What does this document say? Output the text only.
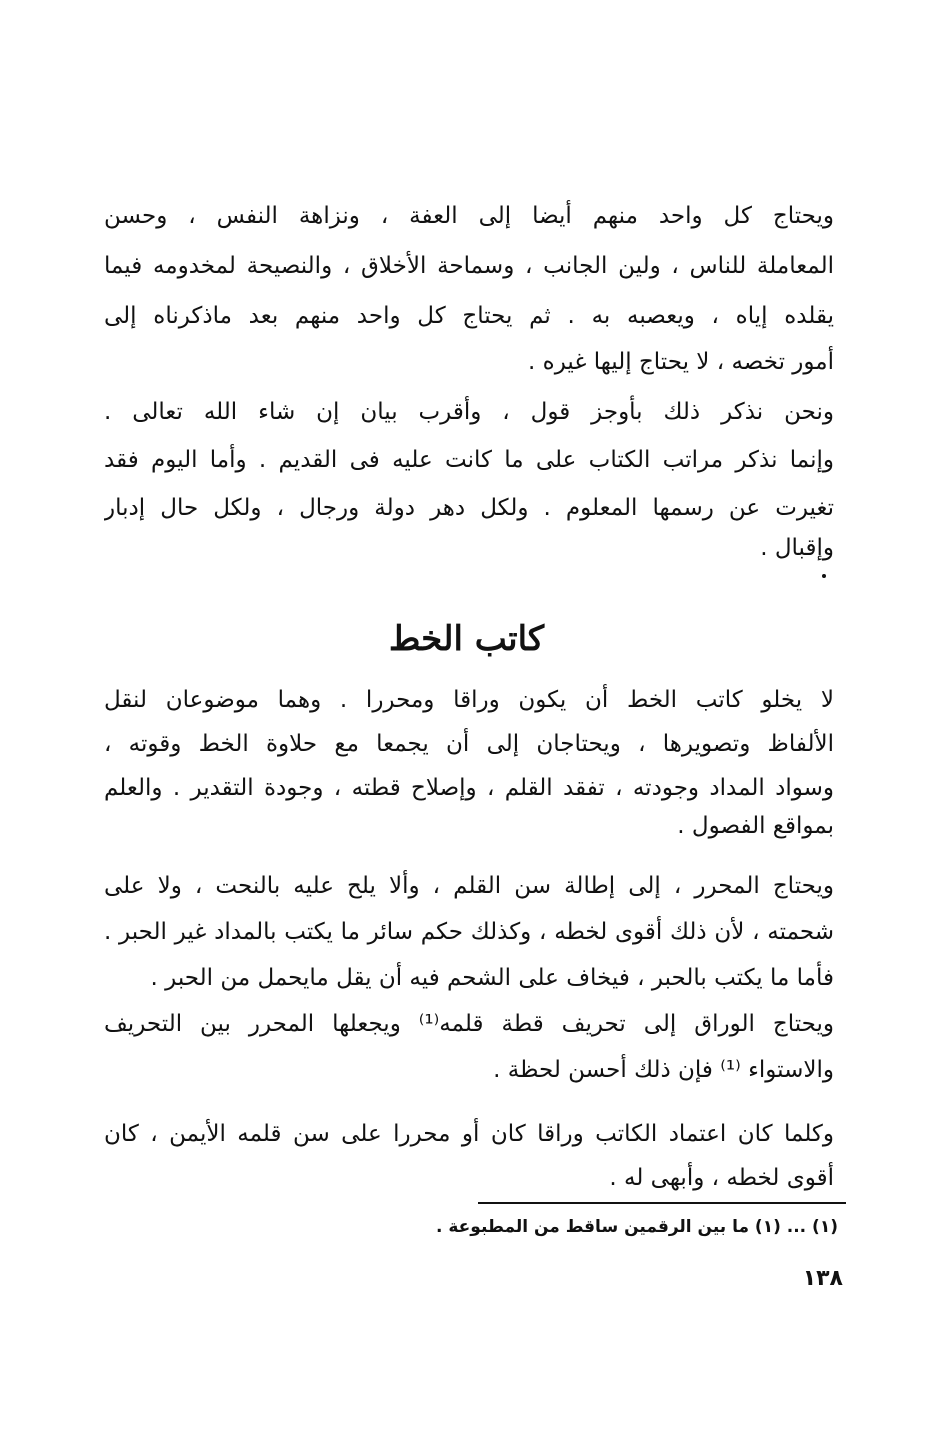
ويحتاج كل واحد منهم أيضا إلى العفة ، ونزاهة النفس ، وحسن
المعاملة للناس ، ولين الجانب ، وسماحة الأخلاق ، والنصيحة لمخدومه فيما
يقلده إياه ، ويعصبه به . ثم يحتاج كل واحد منهم بعد ماذكرناه إلى
أمور تخصه ، لا يحتاج إليها غيره .
ونحن نذكر ذلك بأوجز قول ، وأقرب بيان إن شاء الله تعالى .
وإنما نذكر مراتب الكتاب على ما كانت عليه فى القديم . وأما اليوم فقد
تغيرت عن رسمها المعلوم . ولكل دهر دولة ورجال ، ولكل حال إدبار
وإقبال .
كاتب الخط
لا يخلو كاتب الخط أن يكون وراقا ومحررا . وهما موضوعان لنقل
الألفاظ وتصويرها ، ويحتاجان إلى أن يجمعا مع حلاوة الخط وقوته ،
وسواد المداد وجودته ، تفقد القلم ، وإصلاح قطته ، وجودة التقدير . والعلم
بمواقع الفصول .
ويحتاج المحرر ، إلى إطالة سن القلم ، وألا يلح عليه بالنحت ، ولا على
شحمته ، لأن ذلك أقوى لخطه ، وكذلك حكم سائر ما يكتب بالمداد غير الحبر .
فأما ما يكتب بالحبر ، فيخاف على الشحم فيه أن يقل مايحمل من الحبر .
ويحتاج الوراق إلى تحريف قطة قلمه⁽¹⁾ ويجعلها المحرر بين التحريف
والاستواء ⁽¹⁾ فإن ذلك أحسن لحظة .
وكلما كان اعتماد الكاتب وراقا كان أو محررا على سن قلمه الأيمن ، كان
أقوى لخطه ، وأبهى له .
(١) ... (١) ما بين الرقمين ساقط من المطبوعة .
١٣٨
